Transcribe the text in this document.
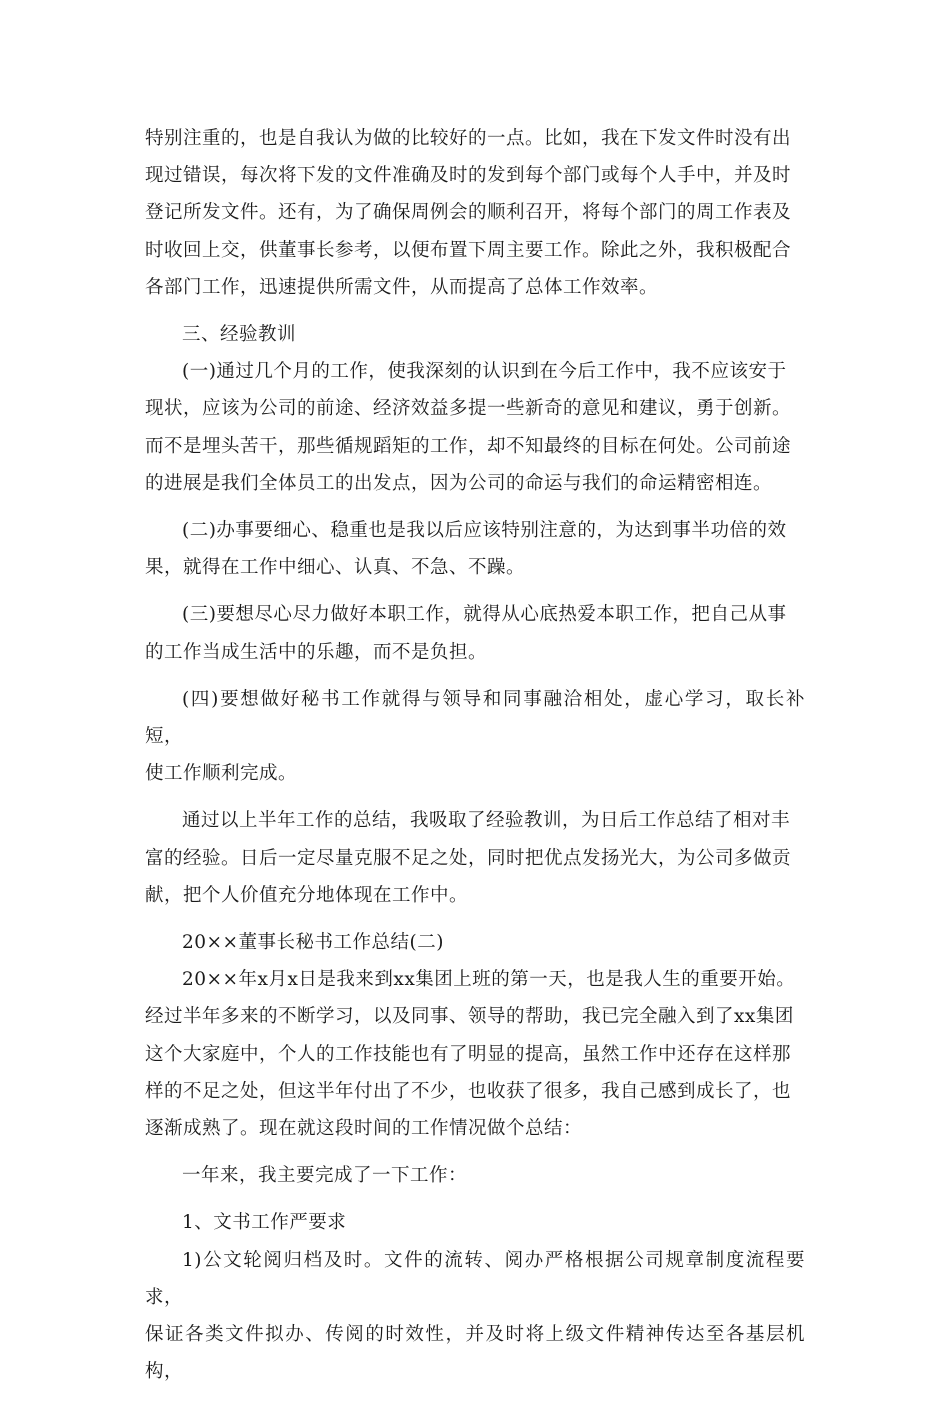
特别注重的，也是自我认为做的比较好的一点。比如，我在下发文件时没有出
现过错误，每次将下发的文件准确及时的发到每个部门或每个人手中，并及时
登记所发文件。还有，为了确保周例会的顺利召开，将每个部门的周工作表及
时收回上交，供董事长参考，以便布置下周主要工作。除此之外，我积极配合
各部门工作，迅速提供所需文件，从而提高了总体工作效率。

三、经验教训

(一)通过几个月的工作，使我深刻的认识到在今后工作中，我不应该安于
现状，应该为公司的前途、经济效益多提一些新奇的意见和建议，勇于创新。
而不是埋头苦干，那些循规蹈矩的工作，却不知最终的目标在何处。公司前途
的进展是我们全体员工的出发点，因为公司的命运与我们的命运精密相连。

(二)办事要细心、稳重也是我以后应该特别注意的，为达到事半功倍的效
果，就得在工作中细心、认真、不急、不躁。

(三)要想尽心尽力做好本职工作，就得从心底热爱本职工作，把自己从事
的工作当成生活中的乐趣，而不是负担。

(四)要想做好秘书工作就得与领导和同事融洽相处，虚心学习，取长补短，
使工作顺利完成。

通过以上半年工作的总结，我吸取了经验教训，为日后工作总结了相对丰
富的经验。日后一定尽量克服不足之处，同时把优点发扬光大，为公司多做贡
献，把个人价值充分地体现在工作中。

20××董事长秘书工作总结(二)

20××年x月x日是我来到xx集团上班的第一天，也是我人生的重要开始。
经过半年多来的不断学习，以及同事、领导的帮助，我已完全融入到了xx集团
这个大家庭中，个人的工作技能也有了明显的提高，虽然工作中还存在这样那
样的不足之处，但这半年付出了不少，也收获了很多，我自己感到成长了，也
逐渐成熟了。现在就这段时间的工作情况做个总结：

一年来，我主要完成了一下工作：

1、文书工作严要求

1)公文轮阅归档及时。文件的流转、阅办严格根据公司规章制度流程要求，
保证各类文件拟办、传阅的时效性，并及时将上级文件精神传达至各基层机构，
